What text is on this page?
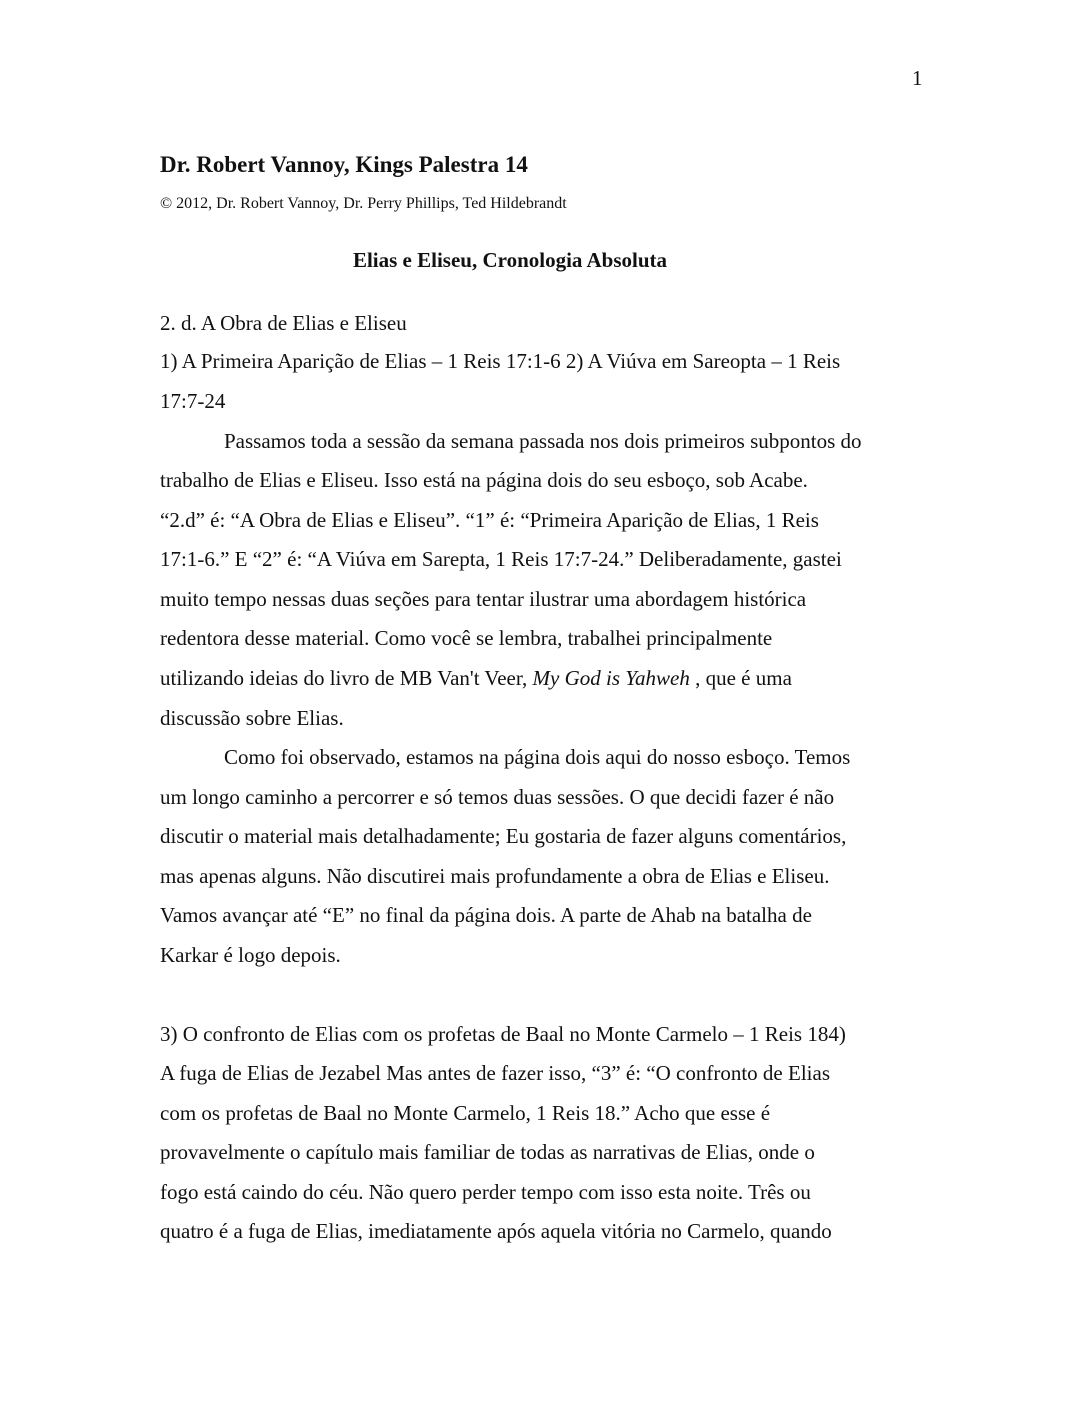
1
Dr. Robert Vannoy, Kings Palestra 14
© 2012, Dr. Robert Vannoy, Dr. Perry Phillips, Ted Hildebrandt
Elias e Eliseu, Cronologia Absoluta
2. d. A Obra de Elias e Eliseu
1) A Primeira Aparição de Elias – 1 Reis 17:1-6 2) A Viúva em Sareopta – 1 Reis
17:7-24
Passamos toda a sessão da semana passada nos dois primeiros subpontos do
trabalho de Elias e Eliseu. Isso está na página dois do seu esboço, sob Acabe.
“2.d” é: “A Obra de Elias e Eliseu”. “1” é: “Primeira Aparição de Elias, 1 Reis
17:1-6.” E “2” é: “A Viúva em Sarepta, 1 Reis 17:7-24.” Deliberadamente, gastei
muito tempo nessas duas seções para tentar ilustrar uma abordagem histórica
redentora desse material. Como você se lembra, trabalhei principalmente
utilizando ideias do livro de MB Van't Veer, My God is Yahweh , que é uma
discussão sobre Elias.
Como foi observado, estamos na página dois aqui do nosso esboço. Temos
um longo caminho a percorrer e só temos duas sessões. O que decidi fazer é não
discutir o material mais detalhadamente; Eu gostaria de fazer alguns comentários,
mas apenas alguns. Não discutirei mais profundamente a obra de Elias e Eliseu.
Vamos avançar até “E” no final da página dois. A parte de Ahab na batalha de
Karkar é logo depois.
3) O confronto de Elias com os profetas de Baal no Monte Carmelo – 1 Reis 184)
A fuga de Elias de Jezabel Mas antes de fazer isso, “3” é: “O confronto de Elias
com os profetas de Baal no Monte Carmelo, 1 Reis 18.” Acho que esse é
provavelmente o capítulo mais familiar de todas as narrativas de Elias, onde o
fogo está caindo do céu. Não quero perder tempo com isso esta noite. Três ou
quatro é a fuga de Elias, imediatamente após aquela vitória no Carmelo, quando
